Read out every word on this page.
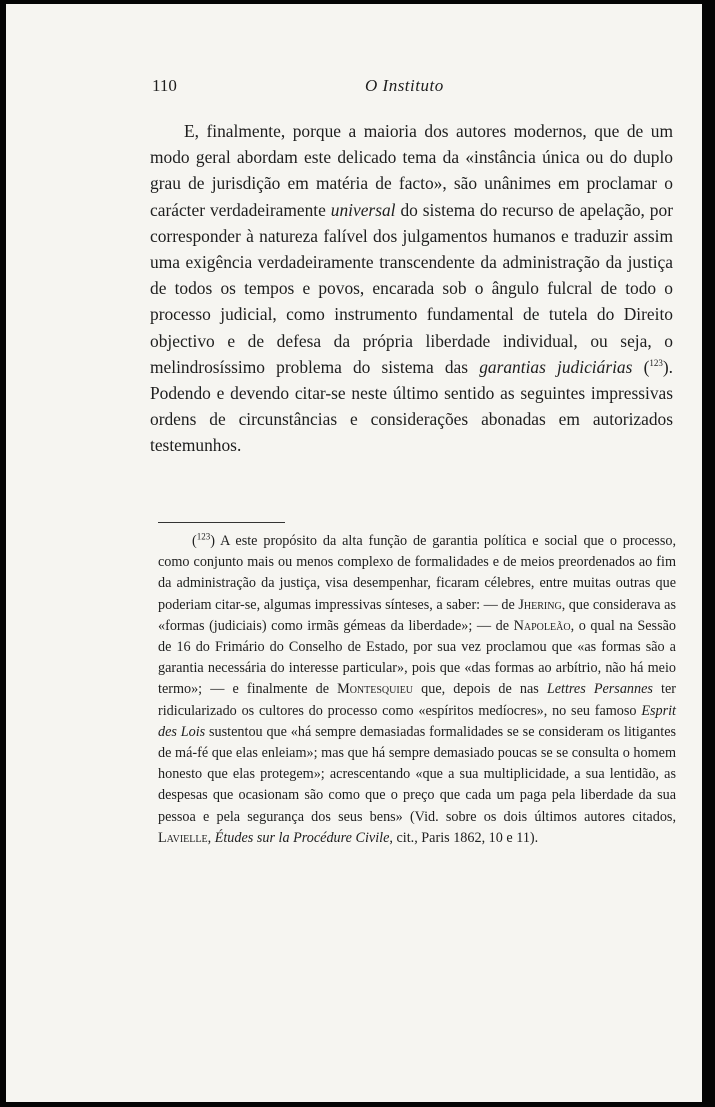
110	O Instituto

E, finalmente, porque a maioria dos autores modernos, que de um modo geral abordam este delicado tema da «instância única ou do duplo grau de jurisdição em matéria de facto», são unânimes em proclamar o carácter verdadeiramente universal do sistema do recurso de apelação, por corresponder à natureza falível dos julgamentos humanos e traduzir assim uma exigência verdadeiramente transcendente da administração da justiça de todos os tempos e povos, encarada sob o ângulo fulcral de todo o processo judicial, como instrumento fundamental de tutela do Direito objectivo e de defesa da própria liberdade individual, ou seja, o melindrosíssimo problema do sistema das garantias judiciárias ($^{123}$). Podendo e devendo citar-se neste último sentido as seguintes impressivas ordens de circunstâncias e considerações abonadas em autorizados testemunhos.

($^{123}$) A este propósito da alta função de garantia política e social que o processo, como conjunto mais ou menos complexo de formalidades e de meios preordenados ao fim da administração da justiça, visa desempenhar, ficaram célebres, entre muitas outras que poderiam citar-se, algumas impressivas sínteses, a saber: — de Jhering, que considerava as «formas (judiciais) como irmãs gémeas da liberdade»; — de Napoleão, o qual na Sessão de 16 do Frimário do Conselho de Estado, por sua vez proclamou que «as formas são a garantia necessária do interesse particular», pois que «das formas ao arbítrio, não há meio termo»; — e finalmente de Montesquieu que, depois de nas Lettres Persannes ter ridicularizado os cultores do processo como «espíritos medíocres», no seu famoso Esprit des Lois sustentou que «há sempre demasiadas formalidades se se consideram os litigantes de má-fé que elas enleiam»; mas que há sempre demasiado poucas se se consulta o homem honesto que elas protegem»; acrescentando «que a sua multiplicidade, a sua lentidão, as despesas que ocasionam são como que o preço que cada um paga pela liberdade da sua pessoa e pela segurança dos seus bens» (Vid. sobre os dois últimos autores citados, Lavielle, Études sur la Procédure Civile, cit., Paris 1862, 10 e 11).
